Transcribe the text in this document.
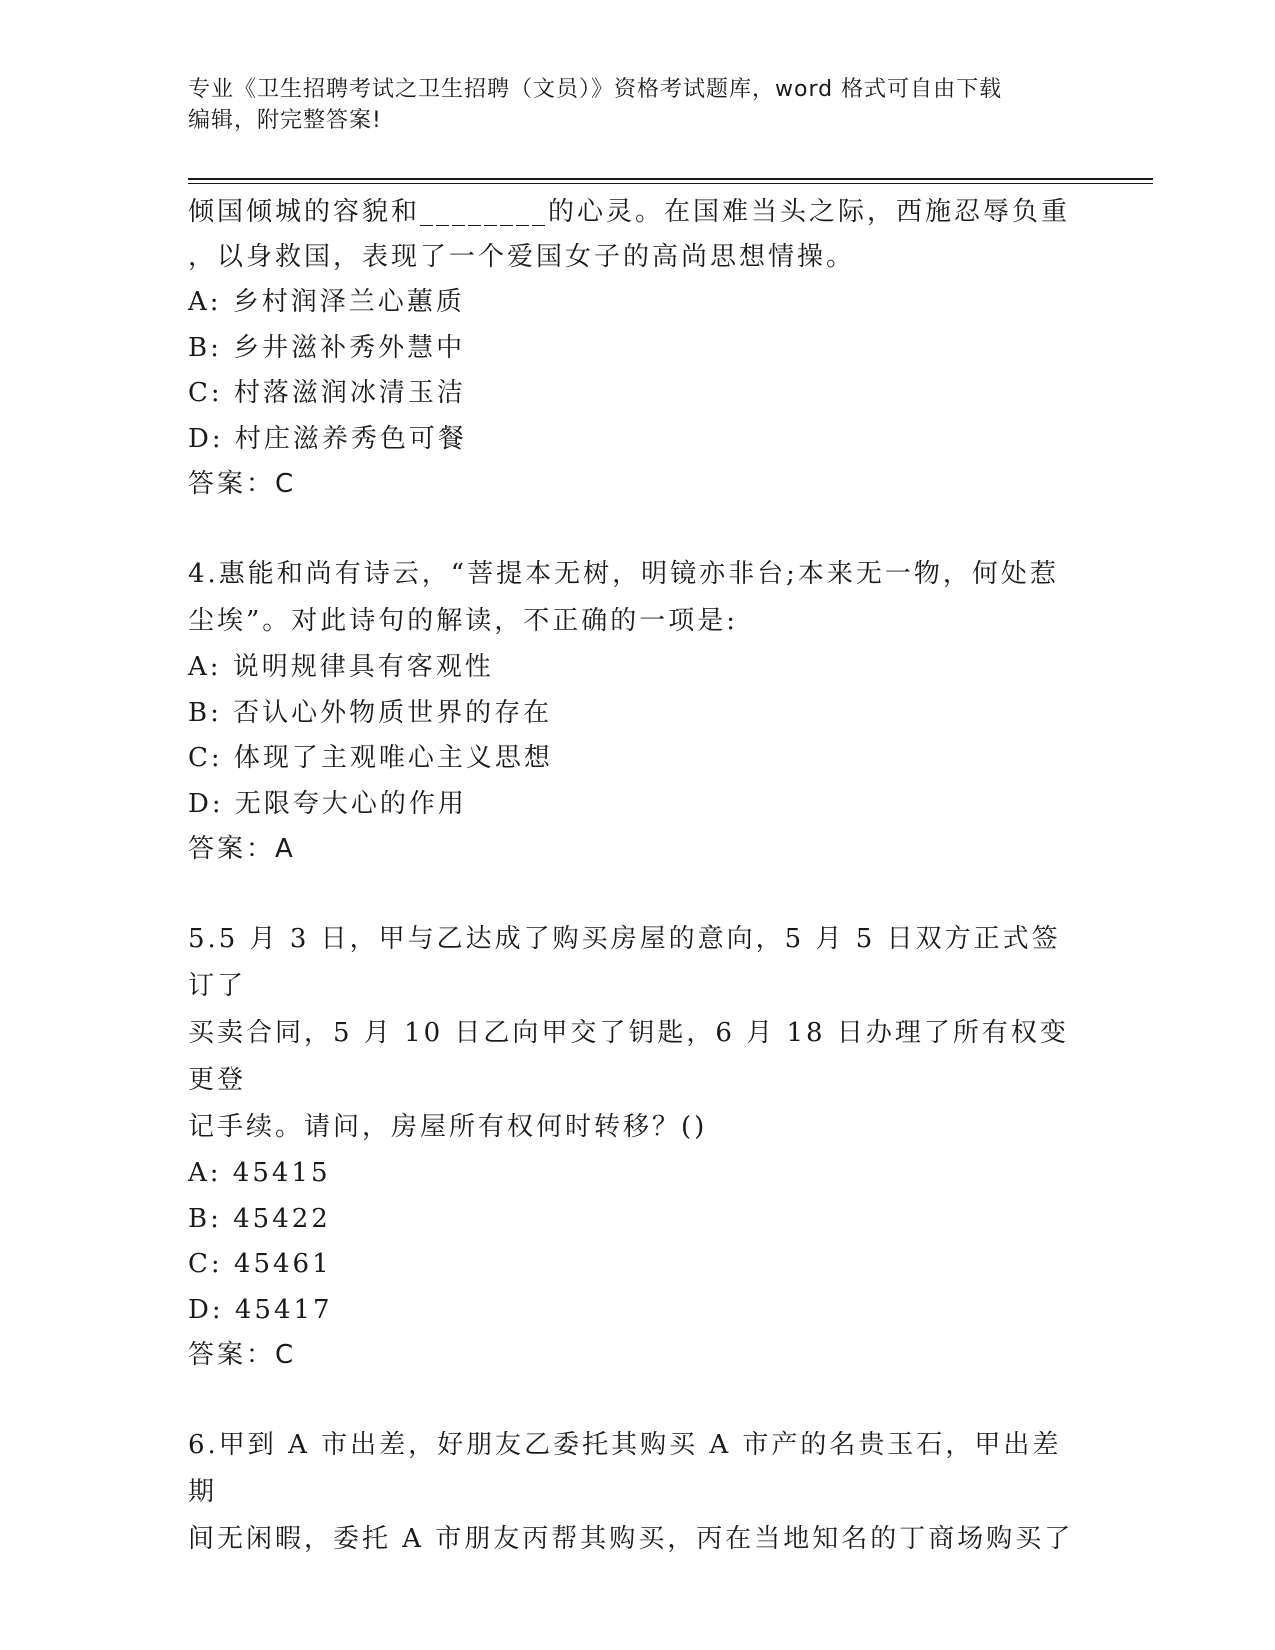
专业《卫生招聘考试之卫生招聘（文员）》资格考试题库，word 格式可自由下载
编辑，附完整答案!

倾国倾城的容貌和________的心灵。在国难当头之际，西施忍辱负重

，以身救国，表现了一个爱国女子的高尚思想情操。

A: 乡村润泽兰心蕙质

B: 乡井滋补秀外慧中

C: 村落滋润冰清玉洁

D: 村庄滋养秀色可餐

答案：C

4.惠能和尚有诗云，“菩提本无树，明镜亦非台;本来无一物，何处惹

尘埃”。对此诗句的解读，不正确的一项是:

A: 说明规律具有客观性

B: 否认心外物质世界的存在

C: 体现了主观唯心主义思想

D: 无限夸大心的作用

答案：A

5.5 月 3 日，甲与乙达成了购买房屋的意向，5 月 5 日双方正式签订了

买卖合同，5 月 10 日乙向甲交了钥匙，6 月 18 日办理了所有权变更登

记手续。请问，房屋所有权何时转移？()

A: 45415

B: 45422

C: 45461

D: 45417

答案：C

6.甲到 A 市出差，好朋友乙委托其购买 A 市产的名贵玉石，甲出差期

间无闲暇，委托 A 市朋友丙帮其购买，丙在当地知名的丁商场购买了
